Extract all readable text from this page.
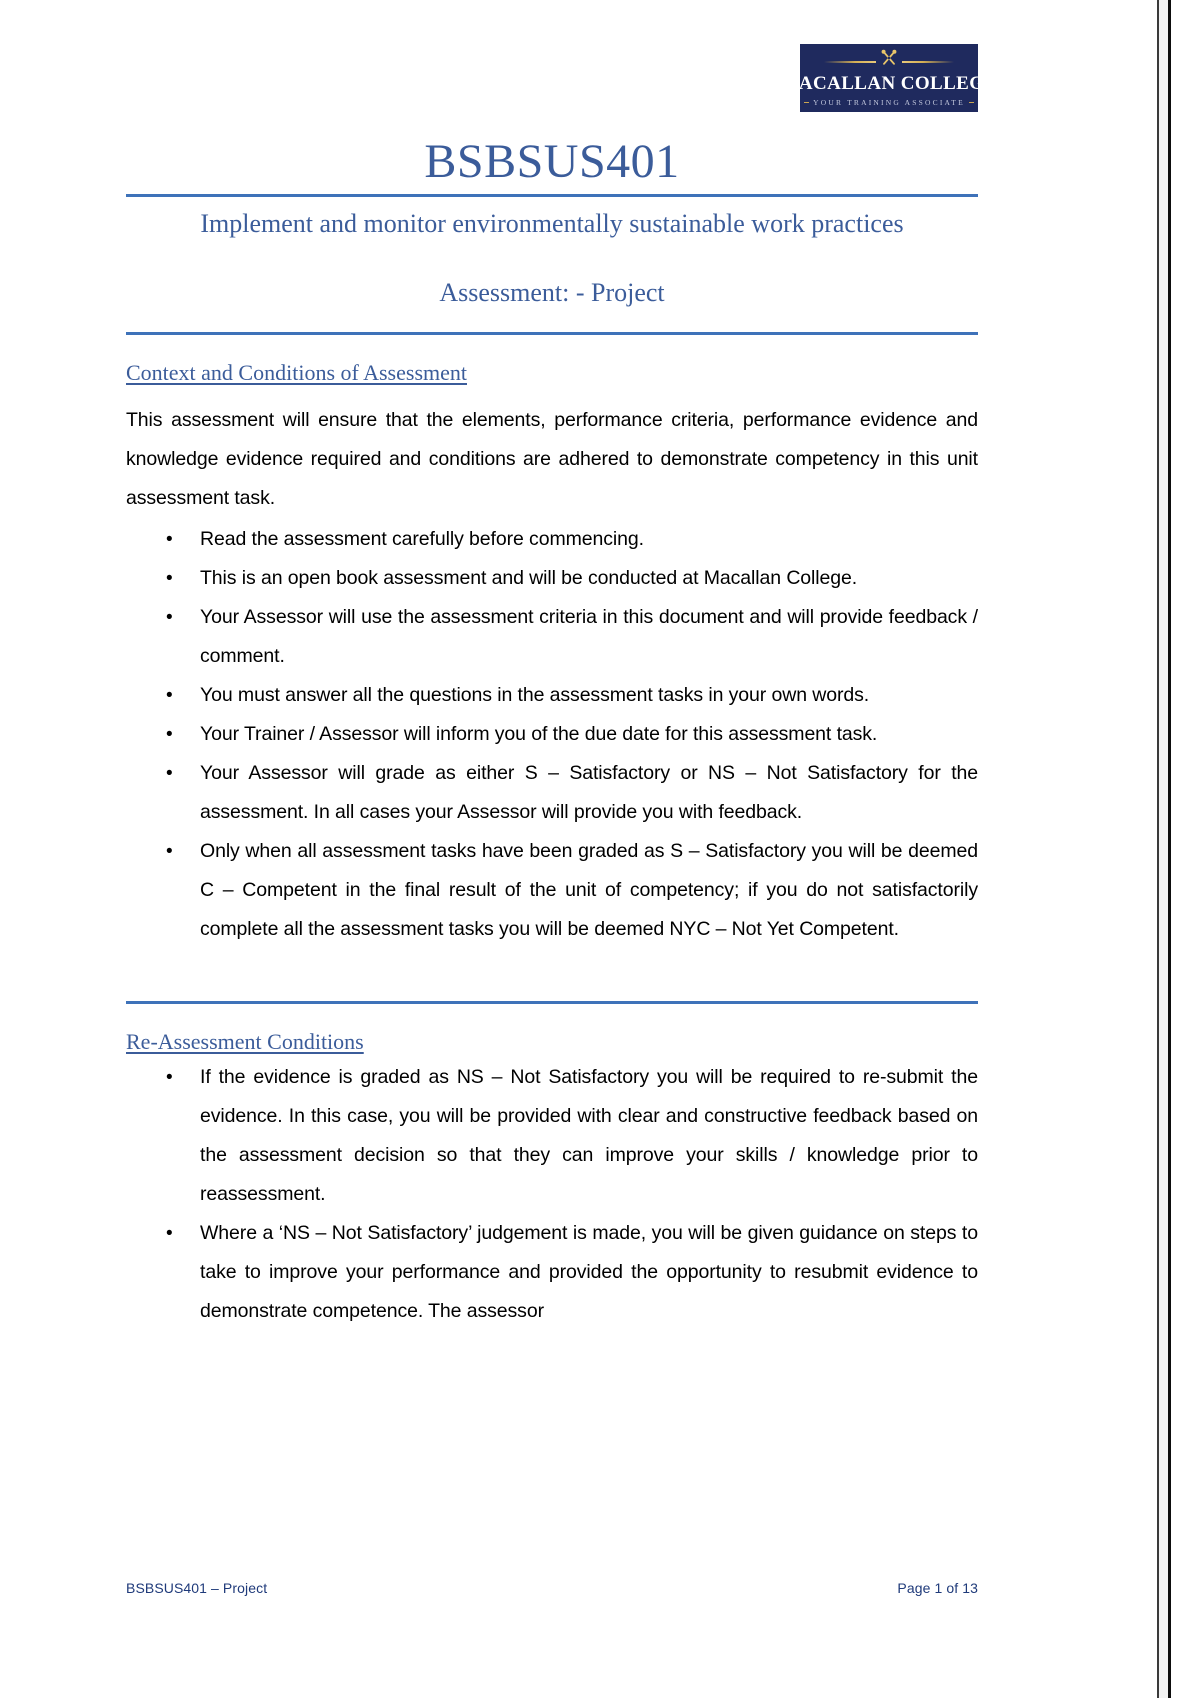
MACALLAN COLLEGE
YOUR TRAINING ASSOCIATE
BSBSUS401
Implement and monitor environmentally sustainable work practices
Assessment: - Project
Context and Conditions of Assessment

This assessment will ensure that the elements, performance criteria, performance evidence and knowledge evidence required and conditions are adhered to demonstrate competency in this unit assessment task.

• Read the assessment carefully before commencing.
• This is an open book assessment and will be conducted at Macallan College.
• Your Assessor will use the assessment criteria in this document and will provide feedback / comment.
• You must answer all the questions in the assessment tasks in your own words.
• Your Trainer / Assessor will inform you of the due date for this assessment task.
• Your Assessor will grade as either S – Satisfactory or NS – Not Satisfactory for the assessment. In all cases your Assessor will provide you with feedback.
• Only when all assessment tasks have been graded as S – Satisfactory you will be deemed C – Competent in the final result of the unit of competency; if you do not satisfactorily complete all the assessment tasks you will be deemed NYC – Not Yet Competent.
Re-Assessment Conditions
• If the evidence is graded as NS – Not Satisfactory you will be required to re-submit the evidence. In this case, you will be provided with clear and constructive feedback based on the assessment decision so that they can improve your skills / knowledge prior to reassessment.
• Where a ‘NS – Not Satisfactory’ judgement is made, you will be given guidance on steps to take to improve your performance and provided the opportunity to resubmit evidence to demonstrate competence. The assessor
BSBSUS401 – Project	Page 1 of 13
